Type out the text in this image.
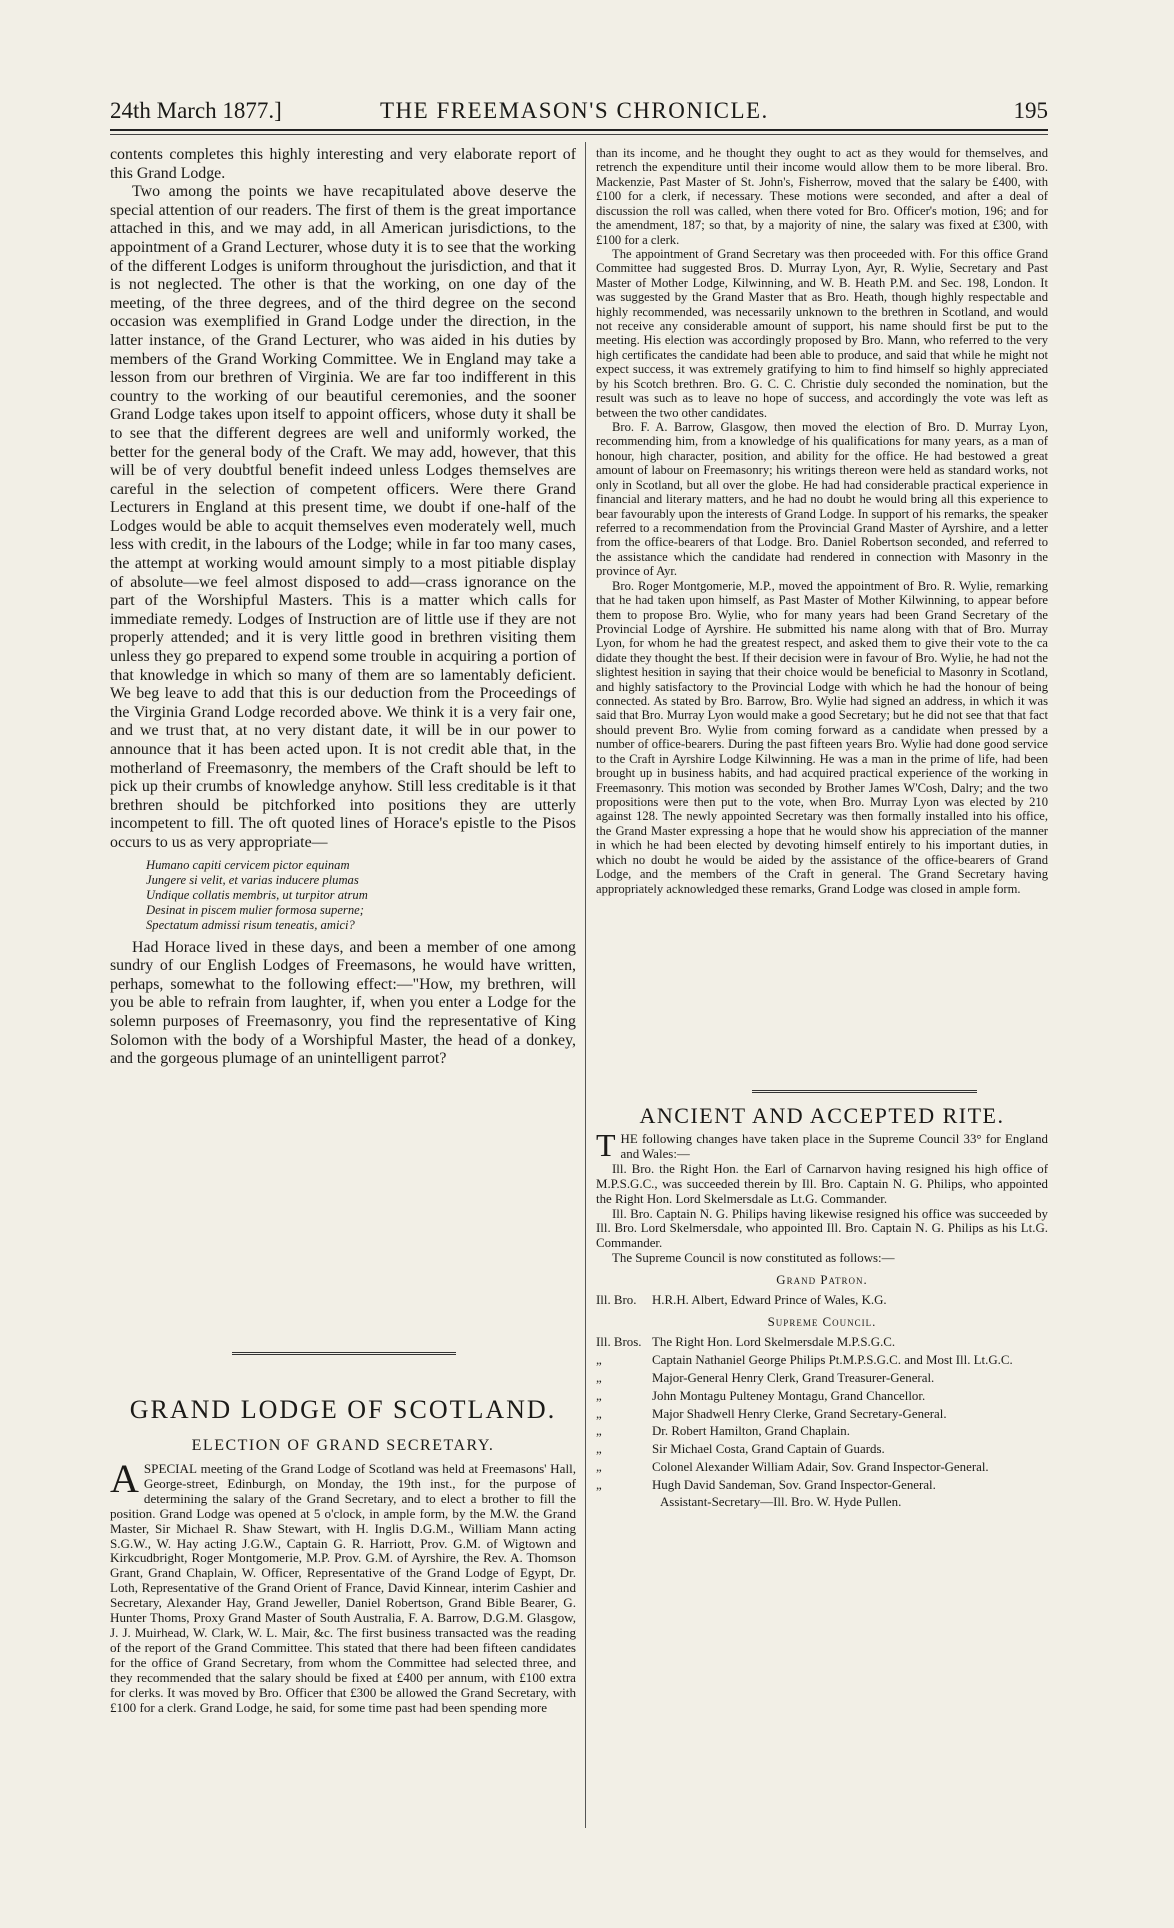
24th March 1877.]	THE FREEMASON'S CHRONICLE.	195

contents completes this highly interesting and very elaborate report of this Grand Lodge.

Two among the points we have recapitulated above deserve the special attention of our readers. The first of them is the great importance attached in this, and we may add, in all American jurisdictions, to the appointment of a Grand Lecturer, whose duty it is to see that the working of the different Lodges is uniform throughout the jurisdiction, and that it is not neglected. The other is that the working, on one day of the meeting, of the three degrees, and of the third degree on the second occasion was exemplified in Grand Lodge under the direction, in the latter instance, of the Grand Lecturer, who was aided in his duties by members of the Grand Working Committee. We in England may take a lesson from our brethren of Virginia. We are far too indifferent in this country to the working of our beautiful ceremonies, and the sooner Grand Lodge takes upon itself to appoint officers, whose duty it shall be to see that the different degrees are well and uniformly worked, the better for the general body of the Craft. We may add, however, that this will be of very doubtful benefit indeed unless Lodges themselves are careful in the selection of competent officers. Were there Grand Lecturers in England at this present time, we doubt if one-half of the Lodges would be able to acquit themselves even moderately well, much less with credit, in the labours of the Lodge; while in far too many cases, the attempt at working would amount simply to a most pitiable display of absolute—we feel almost disposed to add—crass ignorance on the part of the Worshipful Masters. This is a matter which calls for immediate remedy. Lodges of Instruction are of little use if they are not properly attended; and it is very little good in brethren visiting them unless they go prepared to expend some trouble in acquiring a portion of that knowledge in which so many of them are so lamentably deficient. We beg leave to add that this is our deduction from the Proceedings of the Virginia Grand Lodge recorded above. We think it is a very fair one, and we trust that, at no very distant date, it will be in our power to announce that it has been acted upon. It is not credit able that, in the motherland of Freemasonry, the members of the Craft should be left to pick up their crumbs of knowledge anyhow. Still less creditable is it that brethren should be pitchforked into positions they are utterly incompetent to fill. The oft quoted lines of Horace's epistle to the Pisos occurs to us as very appropriate—

Humano capiti cervicem pictor equinam
Jungere si velit, et varias inducere plumas
Undique collatis membris, ut turpitor atrum
Desinat in piscem mulier formosa superne;
Spectatum admissi risum teneatis, amici?

Had Horace lived in these days, and been a member of one among sundry of our English Lodges of Freemasons, he would have written, perhaps, somewhat to the following effect:—"How, my brethren, will you be able to refrain from laughter, if, when you enter a Lodge for the solemn purposes of Freemasonry, you find the representative of King Solomon with the body of a Worshipful Master, the head of a donkey, and the gorgeous plumage of an unintelligent parrot?

GRAND LODGE OF SCOTLAND.
ELECTION OF GRAND SECRETARY.

ASPECIAL meeting of the Grand Lodge of Scotland was held at Freemasons' Hall, George-street, Edinburgh, on Monday, the 19th inst., for the purpose of determining the salary of the Grand Secretary, and to elect a brother to fill the position. Grand Lodge was opened at 5 o'clock, in ample form, by the M.W. the Grand Master, Sir Michael R. Shaw Stewart, with H. Inglis D.G.M., William Mann acting S.G.W., W. Hay acting J.G.W., Captain G. R. Harriott, Prov. G.M. of Wigtown and Kirkcudbright, Roger Montgomerie, M.P. Prov. G.M. of Ayrshire, the Rev. A. Thomson Grant, Grand Chaplain, W. Officer, Representative of the Grand Lodge of Egypt, Dr. Loth, Representative of the Grand Orient of France, David Kinnear, interim Cashier and Secretary, Alexander Hay, Grand Jeweller, Daniel Robertson, Grand Bible Bearer, G. Hunter Thoms, Proxy Grand Master of South Australia, F. A. Barrow, D.G.M. Glasgow, J. J. Muirhead, W. Clark, W. L. Mair, &c. The first business transacted was the reading of the report of the Grand Committee. This stated that there had been fifteen candidates for the office of Grand Secretary, from whom the Committee had selected three, and they recommended that the salary should be fixed at £400 per annum, with £100 extra for clerks. It was moved by Bro. Officer that £300 be allowed the Grand Secretary, with £100 for a clerk. Grand Lodge, he said, for some time past had been spending more

than its income, and he thought they ought to act as they would for themselves, and retrench the expenditure until their income would allow them to be more liberal. Bro. Mackenzie, Past Master of St. John's, Fisherrow, moved that the salary be £400, with £100 for a clerk, if necessary. These motions were seconded, and after a deal of discussion the roll was called, when there voted for Bro. Officer's motion, 196; and for the amendment, 187; so that, by a majority of nine, the salary was fixed at £300, with £100 for a clerk.

The appointment of Grand Secretary was then proceeded with. For this office Grand Committee had suggested Bros. D. Murray Lyon, Ayr, R. Wylie, Secretary and Past Master of Mother Lodge, Kilwinning, and W. B. Heath P.M. and Sec. 198, London. It was suggested by the Grand Master that as Bro. Heath, though highly respectable and highly recommended, was necessarily unknown to the brethren in Scotland, and would not receive any considerable amount of support, his name should first be put to the meeting. His election was accordingly proposed by Bro. Mann, who referred to the very high certificates the candidate had been able to produce, and said that while he might not expect success, it was extremely gratifying to him to find himself so highly appreciated by his Scotch brethren. Bro. G. C. C. Christie duly seconded the nomination, but the result was such as to leave no hope of success, and accordingly the vote was left as between the two other candidates.

Bro. F. A. Barrow, Glasgow, then moved the election of Bro. D. Murray Lyon, recommending him, from a knowledge of his qualifications for many years, as a man of honour, high character, position, and ability for the office. He had bestowed a great amount of labour on Freemasonry; his writings thereon were held as standard works, not only in Scotland, but all over the globe. He had had considerable practical experience in financial and literary matters, and he had no doubt he would bring all this experience to bear favourably upon the interests of Grand Lodge. In support of his remarks, the speaker referred to a recommendation from the Provincial Grand Master of Ayrshire, and a letter from the office-bearers of that Lodge. Bro. Daniel Robertson seconded, and referred to the assistance which the candidate had rendered in connection with Masonry in the province of Ayr.

Bro. Roger Montgomerie, M.P., moved the appointment of Bro. R. Wylie, remarking that he had taken upon himself, as Past Master of Mother Kilwinning, to appear before them to propose Bro. Wylie, who for many years had been Grand Secretary of the Provincial Lodge of Ayrshire. He submitted his name along with that of Bro. Murray Lyon, for whom he had the greatest respect, and asked them to give their vote to the ca didate they thought the best. If their decision were in favour of Bro. Wylie, he had not the slightest hesition in saying that their choice would be beneficial to Masonry in Scotland, and highly satisfactory to the Provincial Lodge with which he had the honour of being connected. As stated by Bro. Barrow, Bro. Wylie had signed an address, in which it was said that Bro. Murray Lyon would make a good Secretary; but he did not see that that fact should prevent Bro. Wylie from coming forward as a candidate when pressed by a number of office-bearers. During the past fifteen years Bro. Wylie had done good service to the Craft in Ayrshire Lodge Kilwinning. He was a man in the prime of life, had been brought up in business habits, and had acquired practical experience of the working in Freemasonry. This motion was seconded by Brother James W'Cosh, Dalry; and the two propositions were then put to the vote, when Bro. Murray Lyon was elected by 210 against 128. The newly appointed Secretary was then formally installed into his office, the Grand Master expressing a hope that he would show his appreciation of the manner in which he had been elected by devoting himself entirely to his important duties, in which no doubt he would be aided by the assistance of the office-bearers of Grand Lodge, and the members of the Craft in general. The Grand Secretary having appropriately acknowledged these remarks, Grand Lodge was closed in ample form.

ANCIENT AND ACCEPTED RITE.

THE following changes have taken place in the Supreme Council 33° for England and Wales:—

Ill. Bro. the Right Hon. the Earl of Carnarvon having resigned his high office of M.P.S.G.C., was succeeded therein by Ill. Bro. Captain N. G. Philips, who appointed the Right Hon. Lord Skelmersdale as Lt.G. Commander.

Ill. Bro. Captain N. G. Philips having likewise resigned his office was succeeded by Ill. Bro. Lord Skelmersdale, who appointed Ill. Bro. Captain N. G. Philips as his Lt.G. Commander.

The Supreme Council is now constituted as follows:—

Grand Patron.

Ill. Bro.	H.R.H. Albert, Edward Prince of Wales, K.G.

Supreme Council.

Ill. Bros. The Right Hon. Lord Skelmersdale M.P.S.G.C.
„	Captain Nathaniel George Philips Pt.M.P.S.G.C. and Most Ill. Lt.G.C.
„	Major-General Henry Clerk, Grand Treasurer-General.
„	John Montagu Pulteney Montagu, Grand Chancellor.
„	Major Shadwell Henry Clerke, Grand Secretary-General.
„	Dr. Robert Hamilton, Grand Chaplain.
„	Sir Michael Costa, Grand Captain of Guards.
„	Colonel Alexander William Adair, Sov. Grand Inspector-General.
„	Hugh David Sandeman, Sov. Grand Inspector-General.

Assistant-Secretary—Ill. Bro. W. Hyde Pullen.
